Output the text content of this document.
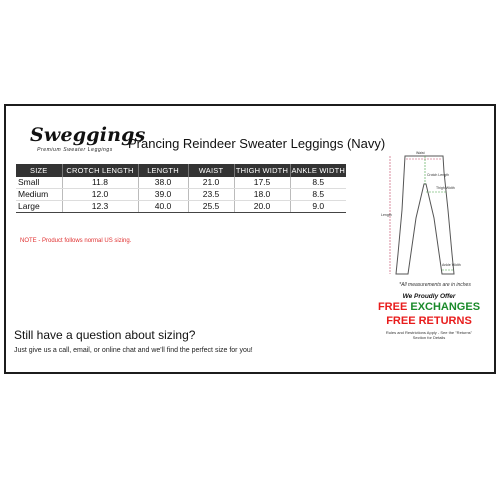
Sweggings
Premium Sweater Leggings	Prancing Reindeer Sweater Leggings (Navy)
SIZE	CROTCH LENGTH	LENGTH	WAIST	THIGH WIDTH	ANKLE WIDTH
Small	11.8	38.0	21.0	17.5	8.5
Medium	12.0	39.0	23.5	18.0	8.5
Large	12.3	40.0	25.5	20.0	9.0
NOTE - Product follows normal US sizing.
Waist
Length
Crotch Length
Thigh Width
Ankle Width
*All measurements are in inches
We Proudly Offer
FREE EXCHANGES
FREE RETURNS
Rules and Restrictions Apply - See the "Returns"
Section for Details
Still have a question about sizing?
Just give us a call, email, or online chat and we'll find the perfect size for you!
